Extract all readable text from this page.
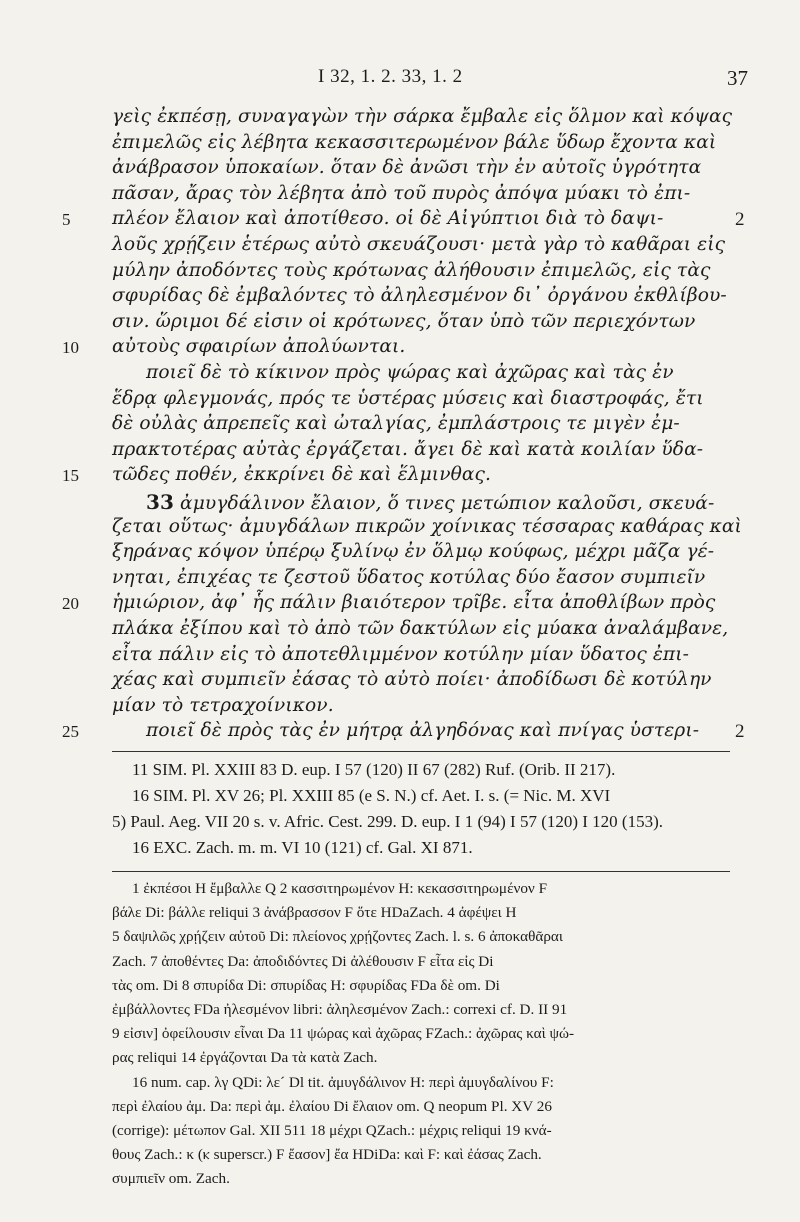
I 32, 1. 2. 33, 1. 2	37
γεὶς ἐκπέσῃ, συναγαγὼν τὴν σάρκα ἔμβαλε εἰς ὅλμον καὶ κόψας
ἐπιμελῶς εἰς λέβητα κεκασσιτερωμένον βάλε ὕδωρ ἔχοντα καὶ
ἀνάβρασον ὑποκαίων. ὅταν δὲ ἀνῶσι τὴν ἐν αὐτοῖς ὑγρότητα
πᾶσαν, ἄρας τὸν λέβητα ἀπὸ τοῦ πυρὸς ἀπόψα μύακι τὸ ἐπι-
5	πλέον ἔλαιον καὶ ἀποτίθεσο. οἱ δὲ Αἰγύπτιοι διὰ τὸ δαψι-	2
λοῦς χρῄζειν ἑτέρως αὐτὸ σκευάζουσι· μετὰ γὰρ τὸ καθᾶραι εἰς
μύλην ἀποδόντες τοὺς κρότωνας ἀλήθουσιν ἐπιμελῶς, εἰς τὰς
σφυρίδας δὲ ἐμβαλόντες τὸ ἀληλεσμένον δι᾽ ὀργάνου ἐκθλίβου-
σιν. ὥριμοι δέ εἰσιν οἱ κρότωνες, ὅταν ὑπὸ τῶν περιεχόντων
10	αὐτοὺς σφαιρίων ἀπολύωνται.
ποιεῖ δὲ τὸ κίκινον πρὸς ψώρας καὶ ἀχῶρας καὶ τὰς ἐν
ἕδρᾳ φλεγμονάς, πρός τε ὑστέρας μύσεις καὶ διαστροφάς, ἔτι
δὲ οὐλὰς ἀπρεπεῖς καὶ ὠταλγίας, ἐμπλάστροις τε μιγὲν ἐμ-
πρακτοτέρας αὐτὰς ἐργάζεται. ἄγει δὲ καὶ κατὰ κοιλίαν ὕδα-
15	τῶδες ποθέν, ἐκκρίνει δὲ καὶ ἕλμινθας.
33 ἀμυγδάλινον ἔλαιον, ὅ τινες μετώπιον καλοῦσι, σκευά-
ζεται οὕτως· ἀμυγδάλων πικρῶν χοίνικας τέσσαρας καθάρας καὶ
ξηράνας κόψον ὑπέρῳ ξυλίνῳ ἐν ὅλμῳ κούφως, μέχρι μᾶζα γέ-
νηται, ἐπιχέας τε ζεστοῦ ὕδατος κοτύλας δύο ἔασον συμπιεῖν
20	ἡμιώριον, ἀφ᾽ ἧς πάλιν βιαιότερον τρῖβε. εἶτα ἀποθλίβων πρὸς
πλάκα ἐξίπου καὶ τὸ ἀπὸ τῶν δακτύλων εἰς μύακα ἀναλάμβανε,
εἶτα πάλιν εἰς τὸ ἀποτεθλιμμένον κοτύλην μίαν ὕδατος ἐπι-
χέας καὶ συμπιεῖν ἐάσας τὸ αὐτὸ ποίει· ἀποδίδωσι δὲ κοτύλην
μίαν τὸ τετραχοίνικον.
25	ποιεῖ δὲ πρὸς τὰς ἐν μήτρᾳ ἀλγηδόνας καὶ πνίγας ὑστερι- 2
11 SIM. Pl. XXIII 83 D. eup. I 57 (120) II 67 (282) Ruf. (Orib. II 217).
16 SIM. Pl. XV 26; Pl. XXIII 85 (e S. N.) cf. Aet. I. s. (= Nic. M. XVI
5) Paul. Aeg. VII 20 s. v. Afric. Cest. 299. D. eup. I 1 (94) I 57 (120) I 120 (153).
16 EXC. Zach. m. m. VI 10 (121) cf. Gal. XI 871.
1 ἐκπέσοι H ἔμβαλλε Q 2 κασσιτηρωμένον H: κεκασσιτηρωμένον F
βάλε Di: βάλλε reliqui 3 ἀνάβρασσον F ὅτε HDaZach. 4 ἀφέψει H
5 δαψιλῶς χρῄζειν αὐτοῦ Di: πλείονος χρῄζοντες Zach. l. s. 6 ἀποκαθᾶραι
Zach. 7 ἀποθέντες Da: ἀποδιδόντες Di ἀλέθουσιν F εἶτα εἰς Di
τὰς om. Di 8 σπυρίδα Di: σπυρίδας H: σφυρίδας FDa δὲ om. Di
ἐμβάλλοντες FDa ἠλεσμένον libri: ἀληλεσμένον Zach.: correxi cf. D. II 91
9 εἰσιν] ὀφείλουσιν εἶναι Da 11 ψώρας καὶ ἀχῶρας FZach.: ἀχῶρας καὶ ψώ-
ρας reliqui 14 ἐργάζονται Da τὰ κατὰ Zach.
16 num. cap. λγ QDi: λε´ Dl tit. ἀμυγδάλινον H: περὶ ἀμυγδαλίνου F:
περὶ ἐλαίου ἀμ. Da: περὶ ἀμ. ἐλαίου Di ἔλαιον om. Q neopum Pl. XV 26
(corrige): μέτωπον Gal. XII 511 18 μέχρι QZach.: μέχρις reliqui 19 κνά-
θους Zach.: κ (ⲕ superscr.) F ἔασον] ἔα HDiDa: καὶ F: καὶ ἐάσας Zach.
συμπιεῖν om. Zach.
